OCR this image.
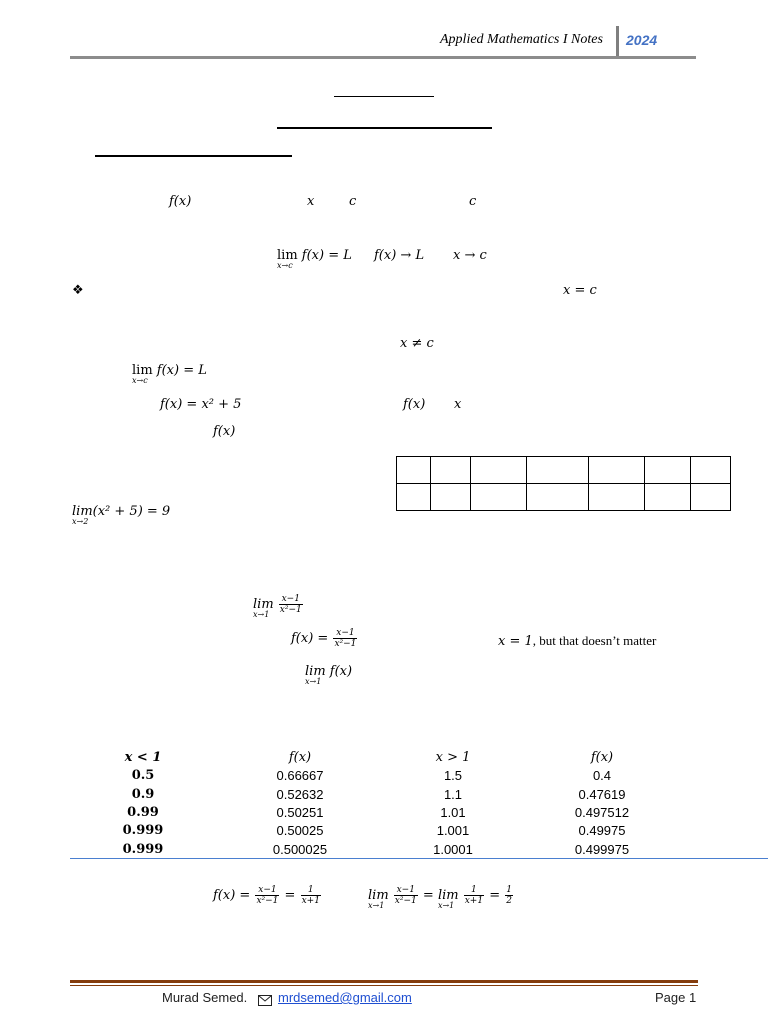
Applied Mathematics I Notes 2024
f(x)	x	c	c
lim
x→c
f(x) = L f(x) → L x → c
❖	x = c
x ≠ c
lim
x→c
f(x) = L
f(x) = x² + 5	f(x) x
f(x)

lim
x→2
(x² + 5) = 9
lim
x→1
$\frac{x-1}{\text{x²−1}}$
$f(x) = \frac{x-1}{\text{x²−1}}$	x = 1, but that doesn’t matter
lim
x→1
f(x)
x < 1	f(x)	x > 1	f(x)
0.5	0.66667	1.5	0.4
0.9	0.52632	1.1	0.47619
0.99	0.50251	1.01	0.497512
0.999	0.50025	1.001	0.49975
0.999	0.500025	1.0001	0.499975
$f(x) = \frac{x-1}{\text{x²−1}} = \frac{1}{x+1}$	lim
x→1
$\frac{x-1}{\text{x²−1}} = \lim$
x→1
$\frac{1}{x+1} = \frac{1}{2}$
Murad Semed. mrdsemed@gmail.com	Page 1
